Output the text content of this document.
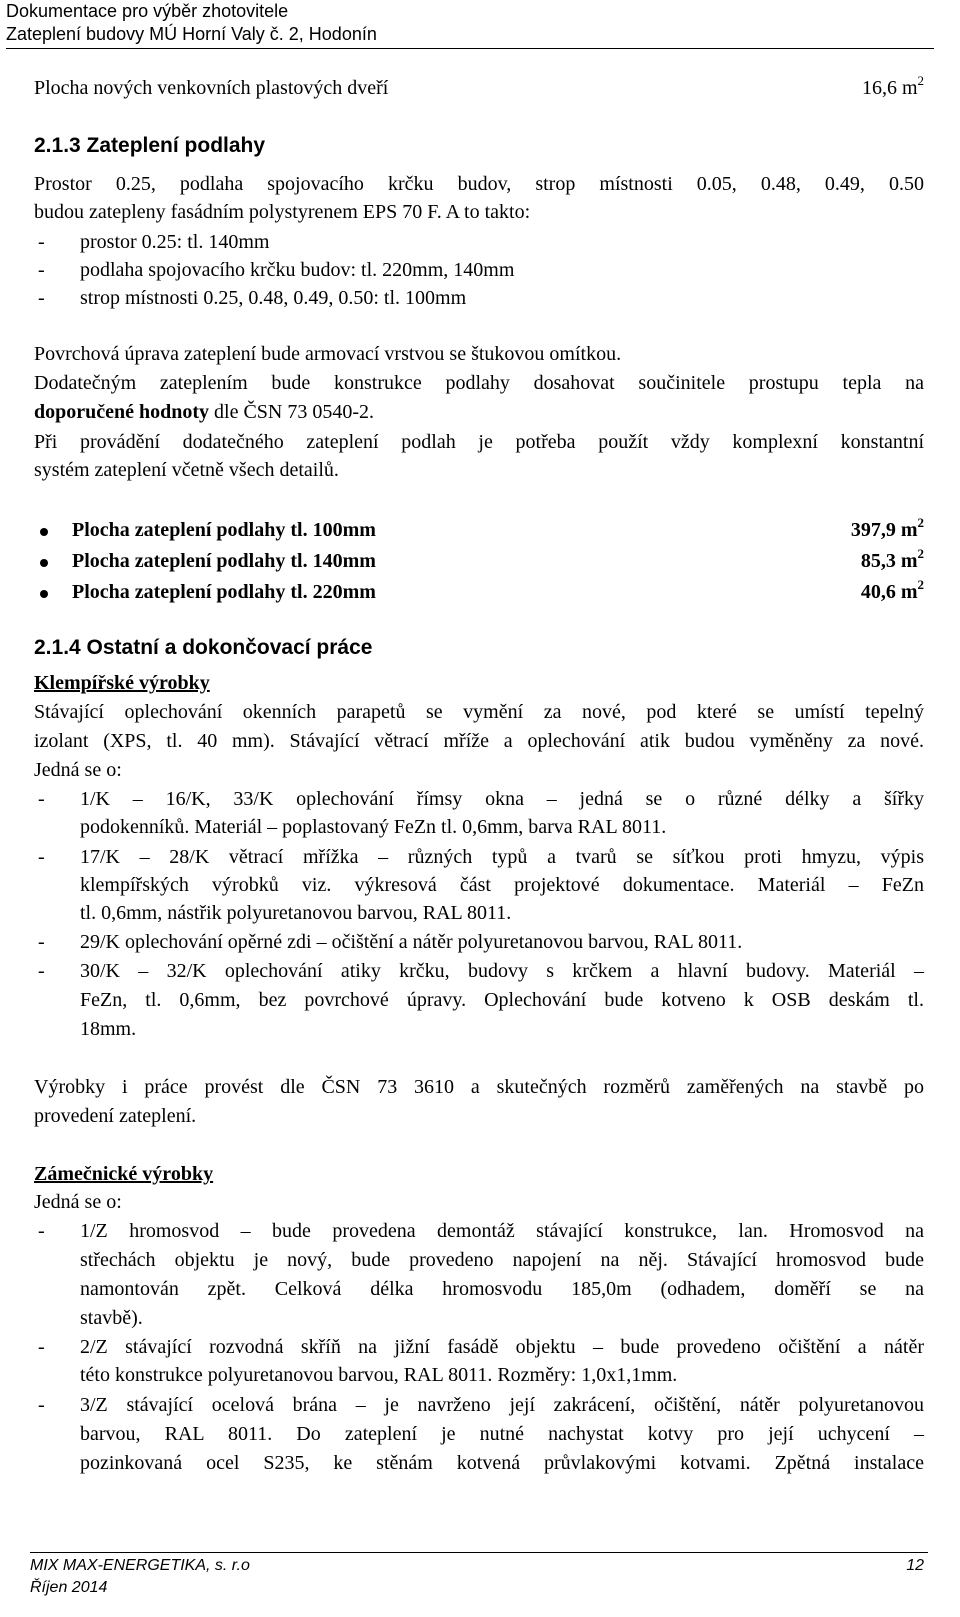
Dokumentace pro výběr zhotovitele
Zateplení budovy MÚ Horní Valy č. 2, Hodonín
Plocha nových venkovních plastových dveří	16,6 $m^2$
2.1.3 Zateplení podlahy
Prostor 0.25, podlaha spojovacího krčku budov, strop místnosti 0.05, 0.48, 0.49, 0.50
budou zatepleny fasádním polystyrenem EPS 70 F. A to takto:
- prostor 0.25: tl. 140mm
- podlaha spojovacího krčku budov: tl. 220mm, 140mm
- strop místnosti 0.25, 0.48, 0.49, 0.50: tl. 100mm
Povrchová úprava zateplení bude armovací vrstvou se štukovou omítkou.
Dodatečným zateplením bude konstrukce podlahy dosahovat součinitele prostupu tepla na
doporučené hodnoty dle ČSN 73 0540-2.
Při provádění dodatečného zateplení podlah je potřeba použít vždy komplexní konstantní
systém zateplení včetně všech detailů.
Plocha zateplení podlahy tl. 100mm	397,9 $m^2$
Plocha zateplení podlahy tl. 140mm	85,3 $m^2$
Plocha zateplení podlahy tl. 220mm	40,6 $m^2$
2.1.4 Ostatní a dokončovací práce
Klempířské výrobky
Stávající oplechování okenních parapetů se vymění za nové, pod které se umístí tepelný
izolant (XPS, tl. 40 mm). Stávající větrací mříže a oplechování atik budou vyměněny za nové.
Jedná se o:
- 1/K – 16/K, 33/K oplechování římsy okna – jedná se o různé délky a šířky
podokenníků. Materiál – poplastovaný FeZn tl. 0,6mm, barva RAL 8011.
- 17/K – 28/K větrací mřížka – různých typů a tvarů se síťkou proti hmyzu, výpis
klempířských výrobků viz. výkresová část projektové dokumentace. Materiál – FeZn
tl. 0,6mm, nástřik polyuretanovou barvou, RAL 8011.
- 29/K oplechování opěrné zdi – očištění a nátěr polyuretanovou barvou, RAL 8011.
- 30/K – 32/K oplechování atiky krčku, budovy s krčkem a hlavní budovy. Materiál –
FeZn, tl. 0,6mm, bez povrchové úpravy. Oplechování bude kotveno k OSB deskám tl.
18mm.
Výrobky i práce provést dle ČSN 73 3610 a skutečných rozměrů zaměřených na stavbě po
provedení zateplení.
Zámečnické výrobky
Jedná se o:
- 1/Z hromosvod – bude provedena demontáž stávající konstrukce, lan. Hromosvod na
střechách objektu je nový, bude provedeno napojení na něj. Stávající hromosvod bude
namontován zpět. Celková délka hromosvodu 185,0m (odhadem, doměří se na
stavbě).
- 2/Z stávající rozvodná skříň na jižní fasádě objektu – bude provedeno očištění a nátěr
této konstrukce polyuretanovou barvou, RAL 8011. Rozměry: 1,0x1,1mm.
- 3/Z stávající ocelová brána – je navrženo její zakrácení, očištění, nátěr polyuretanovou
barvou, RAL 8011. Do zateplení je nutné nachystat kotvy pro její uchycení –
pozinkovaná ocel S235, ke stěnám kotvená průvlakovými kotvami. Zpětná instalace
MIX MAX-ENERGETIKA, s. r.o
Říjen 2014
12
